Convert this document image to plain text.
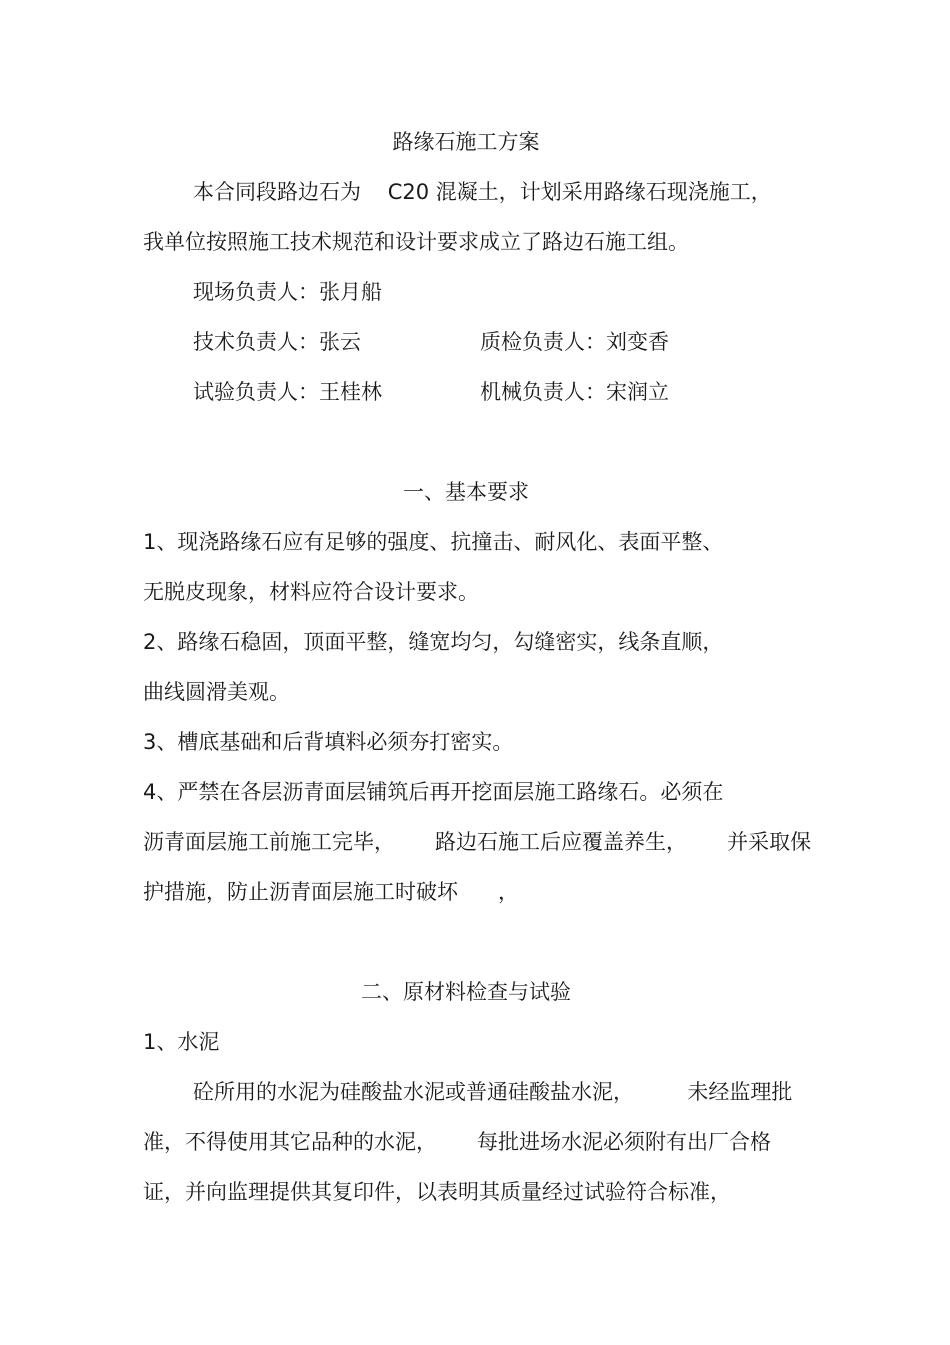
路缘石施工方案
本合同段路边石为    C20 混凝土，计划采用路缘石现浇施工，
我单位按照施工技术规范和设计要求成立了路边石施工组。
现场负责人：张月船
技术负责人：张云	质检负责人：刘变香
试验负责人：王桂林	机械负责人：宋润立
一、基本要求
1、现浇路缘石应有足够的强度、抗撞击、耐风化、表面平整、
无脱皮现象，材料应符合设计要求。
2、路缘石稳固，顶面平整，缝宽均匀，勾缝密实，线条直顺，
曲线圆滑美观。
3、槽底基础和后背填料必须夯打密实。
4、严禁在各层沥青面层铺筑后再开挖面层施工路缘石。必须在
沥青面层施工前施工完毕，      路边石施工后应覆盖养生，      并采取保
护措施，防止沥青面层施工时破坏      ，
二、原材料检查与试验
1、水泥
砼所用的水泥为硅酸盐水泥或普通硅酸盐水泥，        未经监理批
准，不得使用其它品种的水泥，      每批进场水泥必须附有出厂合格
证，并向监理提供其复印件，以表明其质量经过试验符合标准，
